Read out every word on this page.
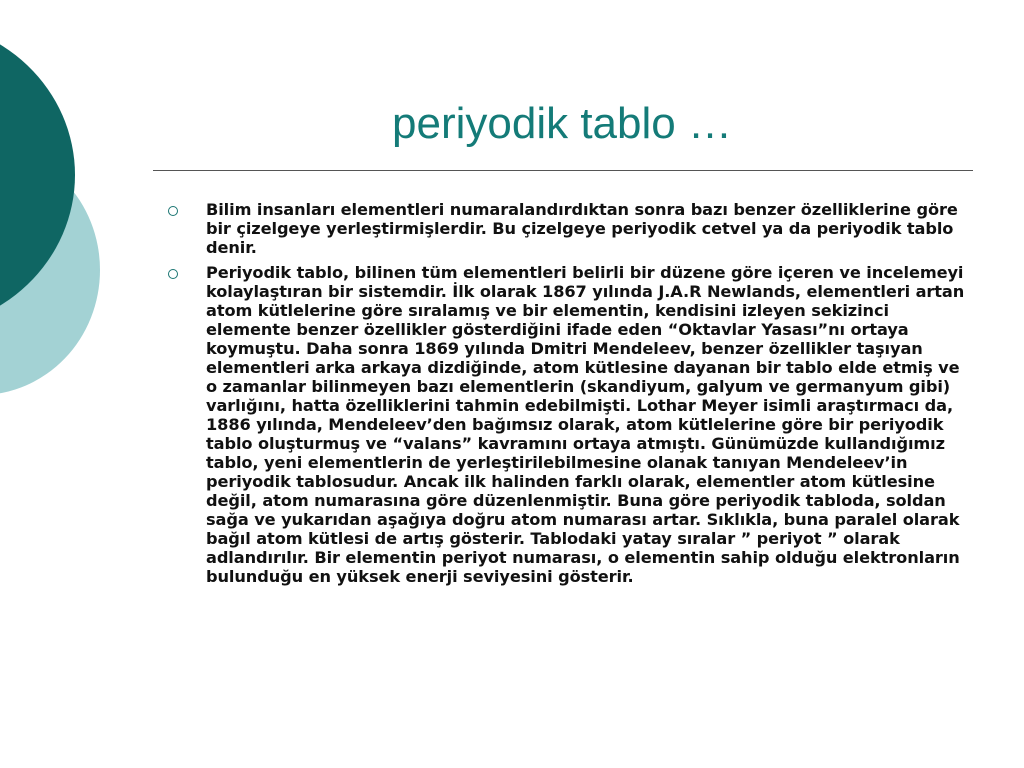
periyodik tablo …
Bilim insanları elementleri numaralandırdıktan sonra bazı benzer özelliklerine göre bir çizelgeye yerleştirmişlerdir. Bu çizelgeye periyodik cetvel ya da periyodik tablo denir.
Periyodik tablo, bilinen tüm elementleri belirli bir düzene göre içeren ve incelemeyi kolaylaştıran bir sistemdir. İlk olarak 1867 yılında J.A.R Newlands, elementleri artan atom kütlelerine göre sıralamış ve bir elementin, kendisini izleyen sekizinci elemente benzer özellikler gösterdiğini ifade eden “Oktavlar Yasası”nı ortaya koymuştu. Daha sonra 1869 yılında Dmitri Mendeleev, benzer özellikler taşıyan elementleri arka arkaya dizdiğinde, atom kütlesine dayanan bir tablo elde etmiş ve o zamanlar bilinmeyen bazı elementlerin (skandiyum, galyum ve germanyum gibi) varlığını, hatta özelliklerini tahmin edebilmişti. Lothar Meyer isimli araştırmacı da, 1886 yılında, Mendeleev’den bağımsız olarak, atom kütlelerine göre bir periyodik tablo oluşturmuş ve “valans” kavramını ortaya atmıştı. Günümüzde kullandığımız tablo, yeni elementlerin de yerleştirilebilmesine olanak tanıyan Mendeleev’in periyodik tablosudur. Ancak ilk halinden farklı olarak, elementler atom kütlesine değil, atom numarasına göre düzenlenmiştir. Buna göre periyodik tabloda, soldan sağa ve yukarıdan aşağıya doğru atom numarası artar. Sıklıkla, buna paralel olarak bağıl atom kütlesi de artış gösterir. Tablodaki yatay sıralar ” periyot ” olarak adlandırılır. Bir elementin periyot numarası, o elementin sahip olduğu elektronların bulunduğu en yüksek enerji seviyesini gösterir.
